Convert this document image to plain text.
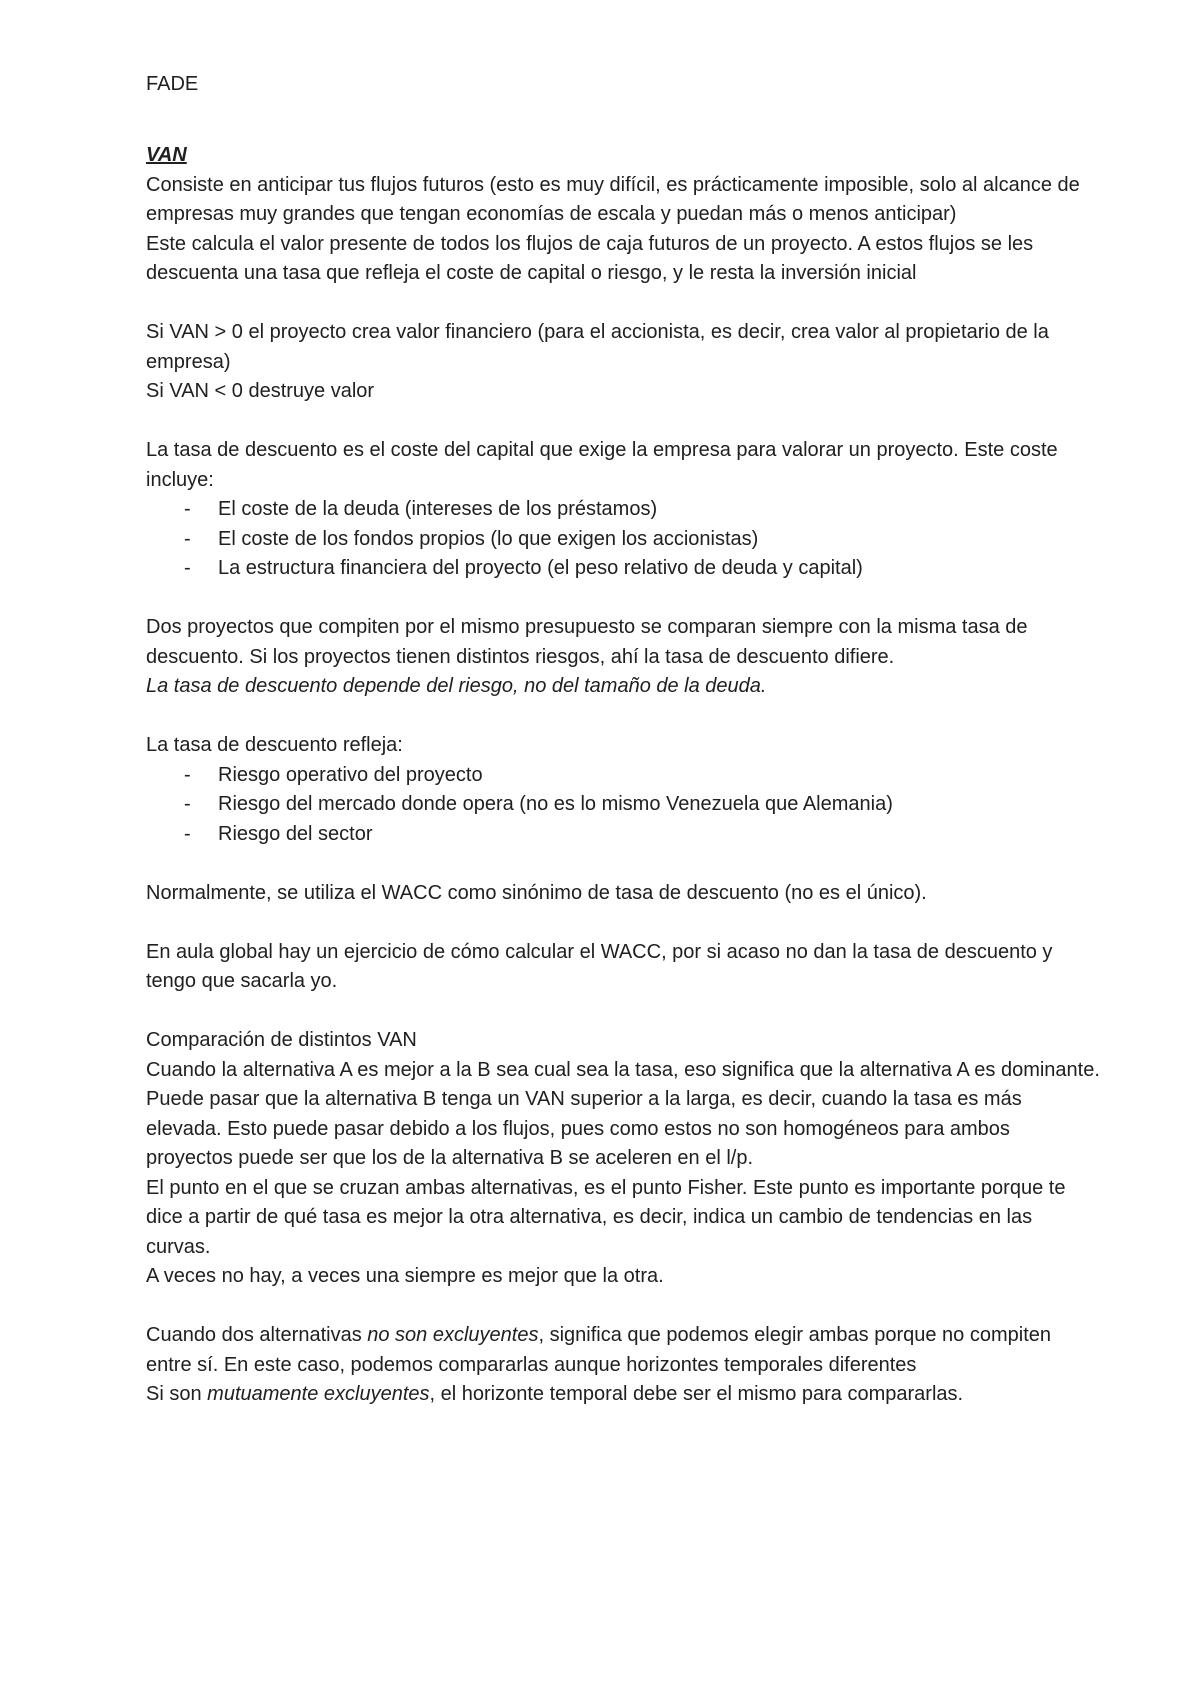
FADE

VAN

Consiste en anticipar tus flujos futuros (esto es muy difícil, es prácticamente imposible, solo al alcance de empresas muy grandes que tengan economías de escala y puedan más o menos anticipar)

Este calcula el valor presente de todos los flujos de caja futuros de un proyecto. A estos flujos se les descuenta una tasa que refleja el coste de capital o riesgo, y le resta la inversión inicial

Si VAN > 0 el proyecto crea valor financiero (para el accionista, es decir, crea valor al propietario de la empresa)

Si VAN < 0 destruye valor

La tasa de descuento es el coste del capital que exige la empresa para valorar un proyecto. Este coste incluye:

- El coste de la deuda (intereses de los préstamos)
- El coste de los fondos propios (lo que exigen los accionistas)
- La estructura financiera del proyecto (el peso relativo de deuda y capital)

Dos proyectos que compiten por el mismo presupuesto se comparan siempre con la misma tasa de descuento. Si los proyectos tienen distintos riesgos, ahí la tasa de descuento difiere.

La tasa de descuento depende del riesgo, no del tamaño de la deuda.

La tasa de descuento refleja:

- Riesgo operativo del proyecto
- Riesgo del mercado donde opera (no es lo mismo Venezuela que Alemania)
- Riesgo del sector

Normalmente, se utiliza el WACC como sinónimo de tasa de descuento (no es el único).

En aula global hay un ejercicio de cómo calcular el WACC, por si acaso no dan la tasa de descuento y tengo que sacarla yo.

Comparación de distintos VAN

Cuando la alternativa A es mejor a la B sea cual sea la tasa, eso significa que la alternativa A es dominante.

Puede pasar que la alternativa B tenga un VAN superior a la larga, es decir, cuando la tasa es más elevada. Esto puede pasar debido a los flujos, pues como estos no son homogéneos para ambos proyectos puede ser que los de la alternativa B se aceleren en el l/p.

El punto en el que se cruzan ambas alternativas, es el punto Fisher. Este punto es importante porque te dice a partir de qué tasa es mejor la otra alternativa, es decir, indica un cambio de tendencias en las curvas.

A veces no hay, a veces una siempre es mejor que la otra.

Cuando dos alternativas no son excluyentes, significa que podemos elegir ambas porque no compiten entre sí. En este caso, podemos compararlas aunque horizontes temporales diferentes

Si son mutuamente excluyentes, el horizonte temporal debe ser el mismo para compararlas.
